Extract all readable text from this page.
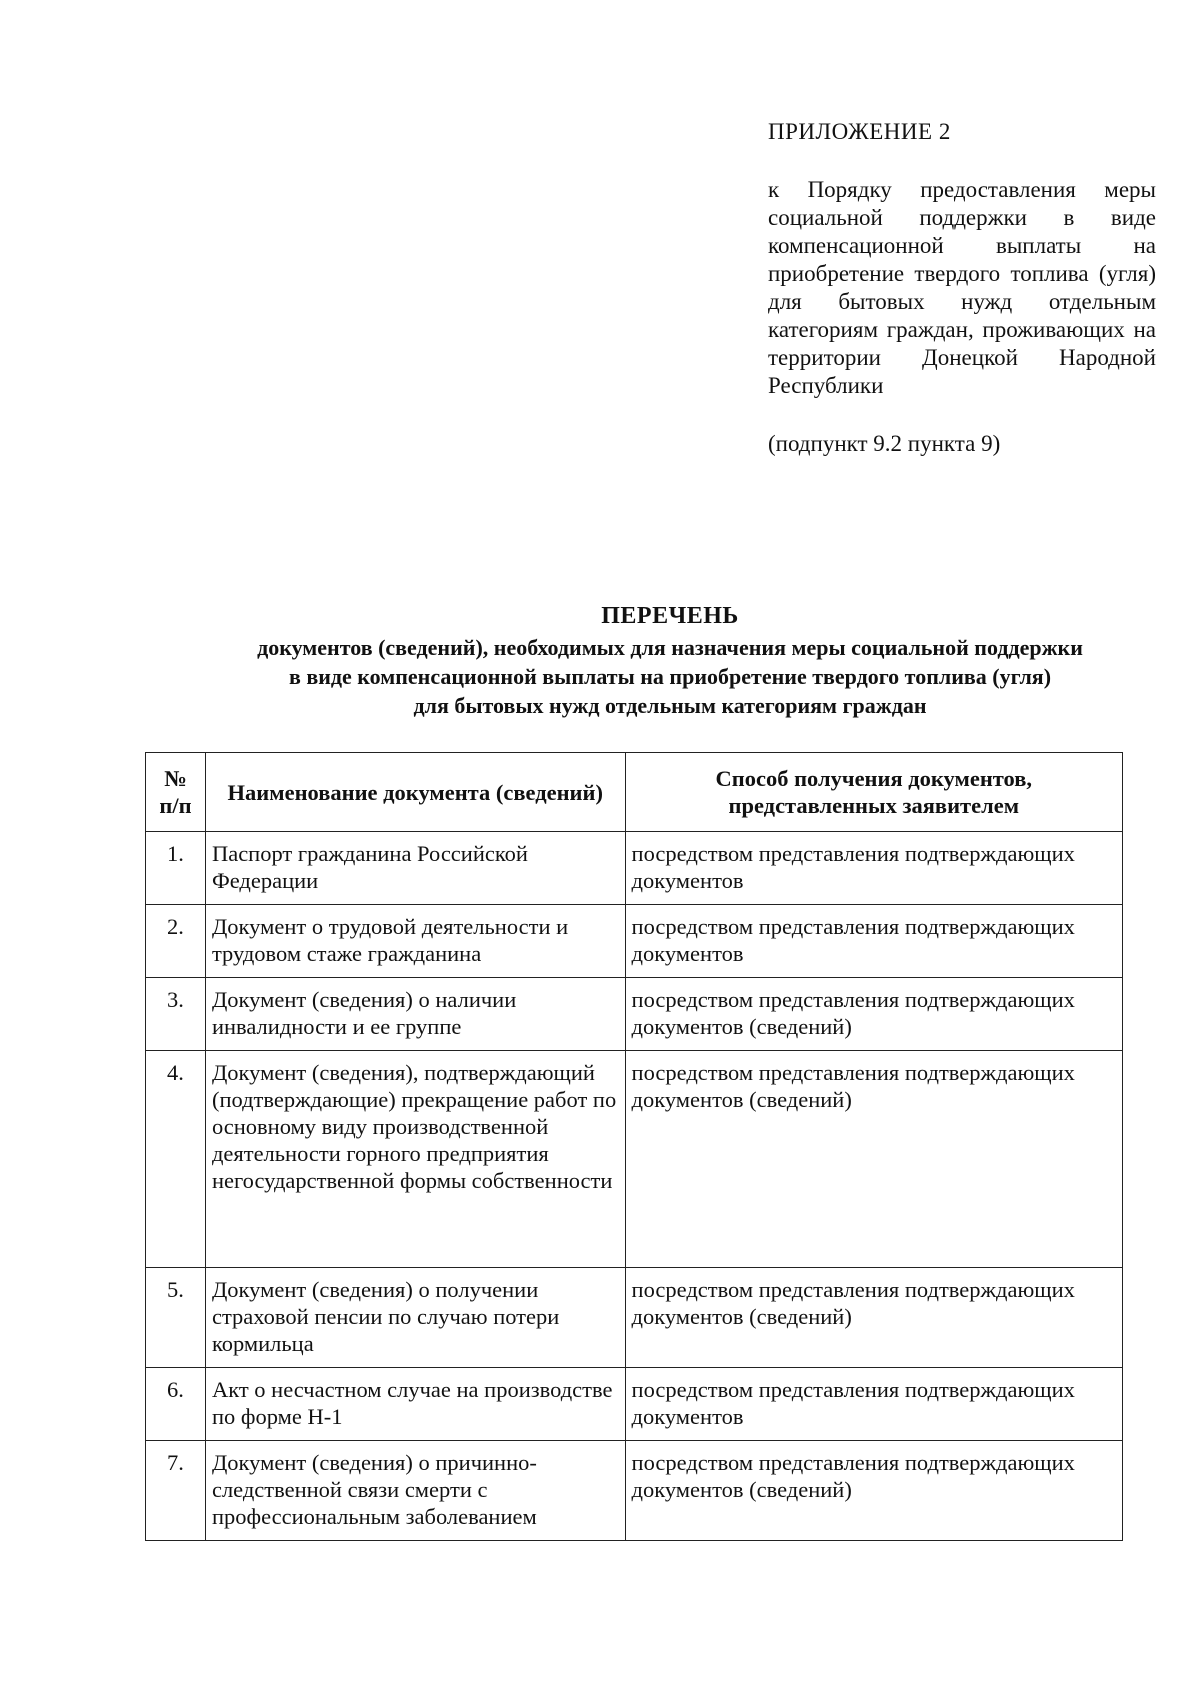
ПРИЛОЖЕНИЕ 2
к Порядку предоставления меры социальной поддержки в виде компенсационной выплаты на приобретение твердого топлива (угля) для бытовых нужд отдельным категориям граждан, проживающих на территории Донецкой Народной Республики
(подпункт 9.2 пункта 9)
ПЕРЕЧЕНЬ
документов (сведений), необходимых для назначения меры социальной поддержки
в виде компенсационной выплаты на приобретение твердого топлива (угля)
для бытовых нужд отдельным категориям граждан
№ п/п	Наименование документа (сведений)	Способ получения документов, представленных заявителем
1.	Паспорт гражданина Российской Федерации	посредством представления подтверждающих документов
2.	Документ о трудовой деятельности и трудовом стаже гражданина	посредством представления подтверждающих документов
3.	Документ (сведения) о наличии инвалидности и ее группе	посредством представления подтверждающих документов (сведений)
4.	Документ (сведения), подтверждающий (подтверждающие) прекращение работ по основному виду производственной деятельности горного предприятия негосударственной формы собственности	посредством представления подтверждающих документов (сведений)
5.	Документ (сведения) о получении страховой пенсии по случаю потери кормильца	посредством представления подтверждающих документов (сведений)
6.	Акт о несчастном случае на производстве по форме Н-1	посредством представления подтверждающих документов
7.	Документ (сведения) о причинно-следственной связи смерти с профессиональным заболеванием	посредством представления подтверждающих документов (сведений)
